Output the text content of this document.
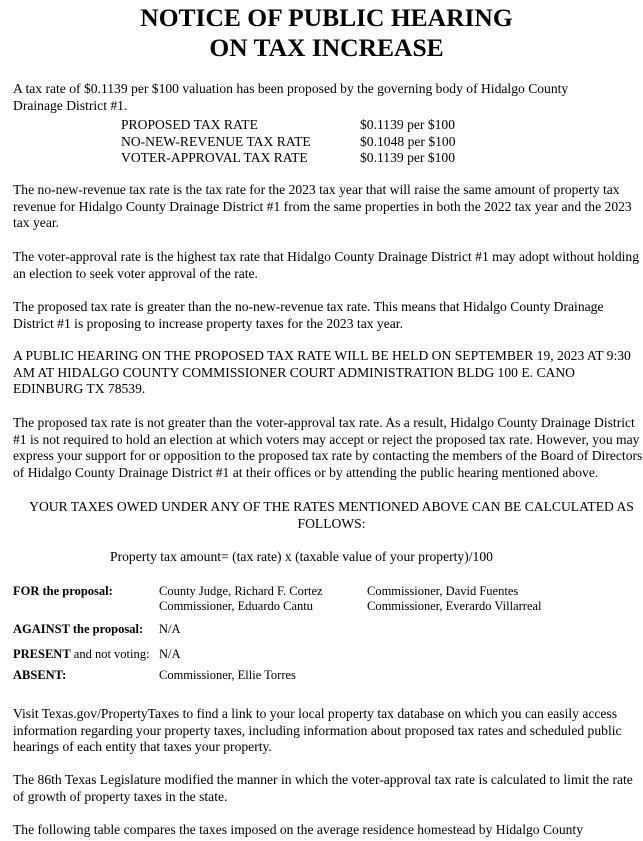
NOTICE OF PUBLIC HEARING
ON TAX INCREASE
A tax rate of $0.1139 per $100 valuation has been proposed by the governing body of Hidalgo County Drainage District #1.
PROPOSED TAX RATE	$0.1139 per $100
NO-NEW-REVENUE TAX RATE	$0.1048 per $100
VOTER-APPROVAL TAX RATE	$0.1139 per $100
The no-new-revenue tax rate is the tax rate for the 2023 tax year that will raise the same amount of property tax revenue for Hidalgo County Drainage District #1 from the same properties in both the 2022 tax year and the 2023 tax year.
The voter-approval rate is the highest tax rate that Hidalgo County Drainage District #1 may adopt without holding an election to seek voter approval of the rate.
The proposed tax rate is greater than the no-new-revenue tax rate. This means that Hidalgo County Drainage District #1 is proposing to increase property taxes for the 2023 tax year.
A PUBLIC HEARING ON THE PROPOSED TAX RATE WILL BE HELD ON SEPTEMBER 19, 2023 AT 9:30 AM AT HIDALGO COUNTY COMMISSIONER COURT ADMINISTRATION BLDG 100 E. CANO EDINBURG TX 78539.
The proposed tax rate is not greater than the voter-approval tax rate. As a result, Hidalgo County Drainage District #1 is not required to hold an election at which voters may accept or reject the proposed tax rate. However, you may express your support for or opposition to the proposed tax rate by contacting the members of the Board of Directors of Hidalgo County Drainage District #1 at their offices or by attending the public hearing mentioned above.
YOUR TAXES OWED UNDER ANY OF THE RATES MENTIONED ABOVE CAN BE CALCULATED AS FOLLOWS:
Property tax amount= (tax rate) x (taxable value of your property)/100
FOR the proposal:	County Judge, Richard F. Cortez
Commissioner, Eduardo Cantu
Commissioner, David Fuentes
Commissioner, Everardo Villarreal
AGAINST the proposal: N/A
PRESENT and not voting: N/A
ABSENT:	Commissioner, Ellie Torres
Visit Texas.gov/PropertyTaxes to find a link to your local property tax database on which you can easily access information regarding your property taxes, including information about proposed tax rates and scheduled public hearings of each entity that taxes your property.
The 86th Texas Legislature modified the manner in which the voter-approval tax rate is calculated to limit the rate of growth of property taxes in the state.
The following table compares the taxes imposed on the average residence homestead by Hidalgo County
